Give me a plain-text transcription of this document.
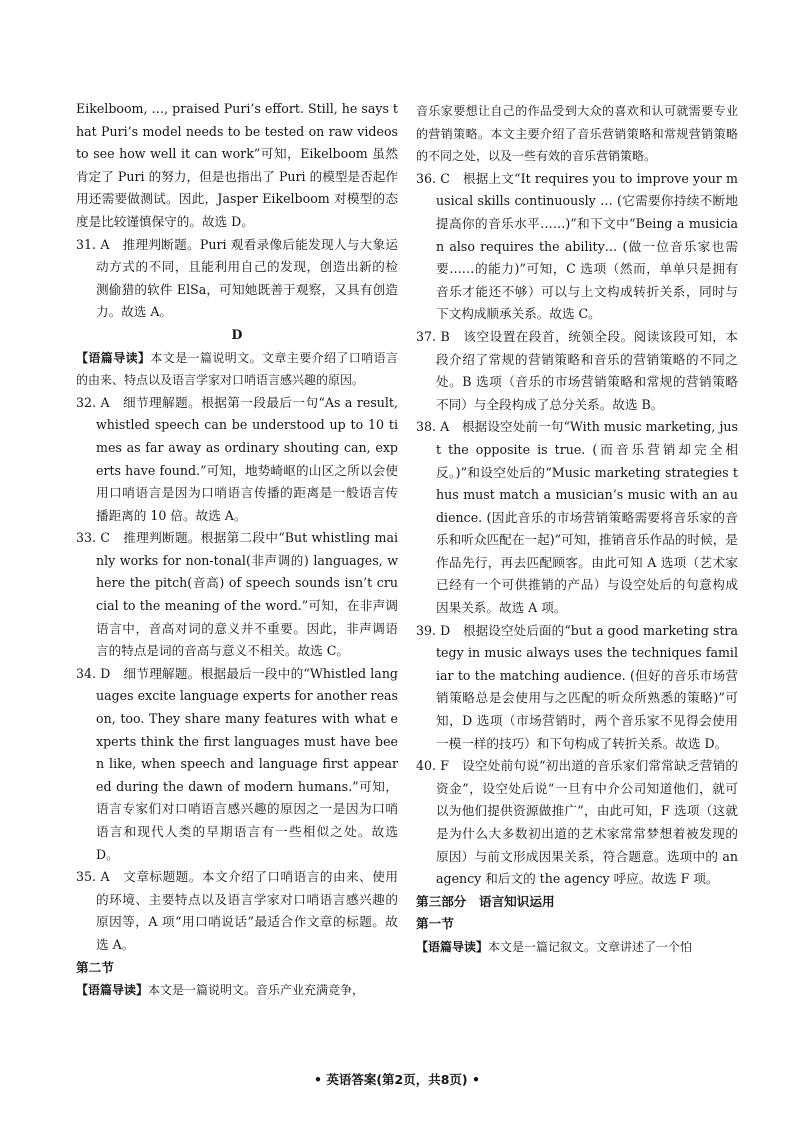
Eikelboom, …, praised Puri’s effort. Still, he says that Puri’s model needs to be tested on raw videos to see how well it can work”可知，Eikelboom 虽然肯定了 Puri 的努力，但是也指出了 Puri 的模型是否起作用还需要做测试。因此，Jasper Eikelboom 对模型的态度是比较谨慎保守的。故选 D。

31. A　推理判断题。Puri 观看录像后能发现人与大象运动方式的不同，且能利用自己的发现，创造出新的检测偷猎的软件 ElSa，可知她既善于观察，又具有创造力。故选 A。

D

【语篇导读】本文是一篇说明文。文章主要介绍了口哨语言的由来、特点以及语言学家对口哨语言感兴趣的原因。

32. A　细节理解题。根据第一段最后一句“As a result, whistled speech can be understood up to 10 times as far away as ordinary shouting can, experts have found.”可知，地势崎岖的山区之所以会使用口哨语言是因为口哨语言传播的距离是一般语言传播距离的 10 倍。故选 A。

33. C　推理判断题。根据第二段中“But whistling mainly works for non-tonal(非声调的) languages, where the pitch(音高) of speech sounds isn’t crucial to the meaning of the word.”可知，在非声调语言中，音高对词的意义并不重要。因此，非声调语言的特点是词的音高与意义不相关。故选 C。

34. D　细节理解题。根据最后一段中的“Whistled languages excite language experts for another reason, too. They share many features with what experts think the first languages must have been like, when speech and language first appeared during the dawn of modern humans.”可知，语言专家们对口哨语言感兴趣的原因之一是因为口哨语言和现代人类的早期语言有一些相似之处。故选 D。

35. A　文章标题题。本文介绍了口哨语言的由来、使用的环境、主要特点以及语言学家对口哨语言感兴趣的原因等，A 项“用口哨说话”最适合作文章的标题。故选 A。

第二节

【语篇导读】本文是一篇说明文。音乐产业充满竞争，

音乐家要想让自己的作品受到大众的喜欢和认可就需要专业的营销策略。本文主要介绍了音乐营销策略和常规营销策略的不同之处，以及一些有效的音乐营销策略。

36. C　根据上文“It requires you to improve your musical skills continuously … (它需要你持续不断地提高你的音乐水平……)”和下文中“Being a musician also requires the ability… (做一位音乐家也需要……的能力)”可知，C 选项（然而，单单只是拥有音乐才能还不够）可以与上文构成转折关系，同时与下文构成顺承关系。故选 C。

37. B　该空设置在段首，统领全段。阅读该段可知，本段介绍了常规的营销策略和音乐的营销策略的不同之处。B 选项（音乐的市场营销策略和常规的营销策略不同）与全段构成了总分关系。故选 B。

38. A　根据设空处前一句“With music marketing, just the opposite is true. (而音乐营销却完全相反。)”和设空处后的“Music marketing strategies thus must match a musician’s music with an audience. (因此音乐的市场营销策略需要将音乐家的音乐和听众匹配在一起)”可知，推销音乐作品的时候，是作品先行，再去匹配顾客。由此可知 A 选项（艺术家已经有一个可供推销的产品）与设空处后的句意构成因果关系。故选 A 项。

39. D　根据设空处后面的“but a good marketing strategy in music always uses the techniques familiar to the matching audience. (但好的音乐市场营销策略总是会使用与之匹配的听众所熟悉的策略)”可知，D 选项（市场营销时，两个音乐家不见得会使用一模一样的技巧）和下句构成了转折关系。故选 D。

40. F　设空处前句说“初出道的音乐家们常常缺乏营销的资金”，设空处后说“一旦有中介公司知道他们，就可以为他们提供资源做推广”，由此可知，F 选项（这就是为什么大多数初出道的艺术家常常梦想着被发现的原因）与前文形成因果关系，符合题意。选项中的 an agency 和后文的 the agency 呼应。故选 F 项。

第三部分　语言知识运用

第一节

【语篇导读】本文是一篇记叙文。文章讲述了一个怕

• 英语答案(第2页，共8页) •
